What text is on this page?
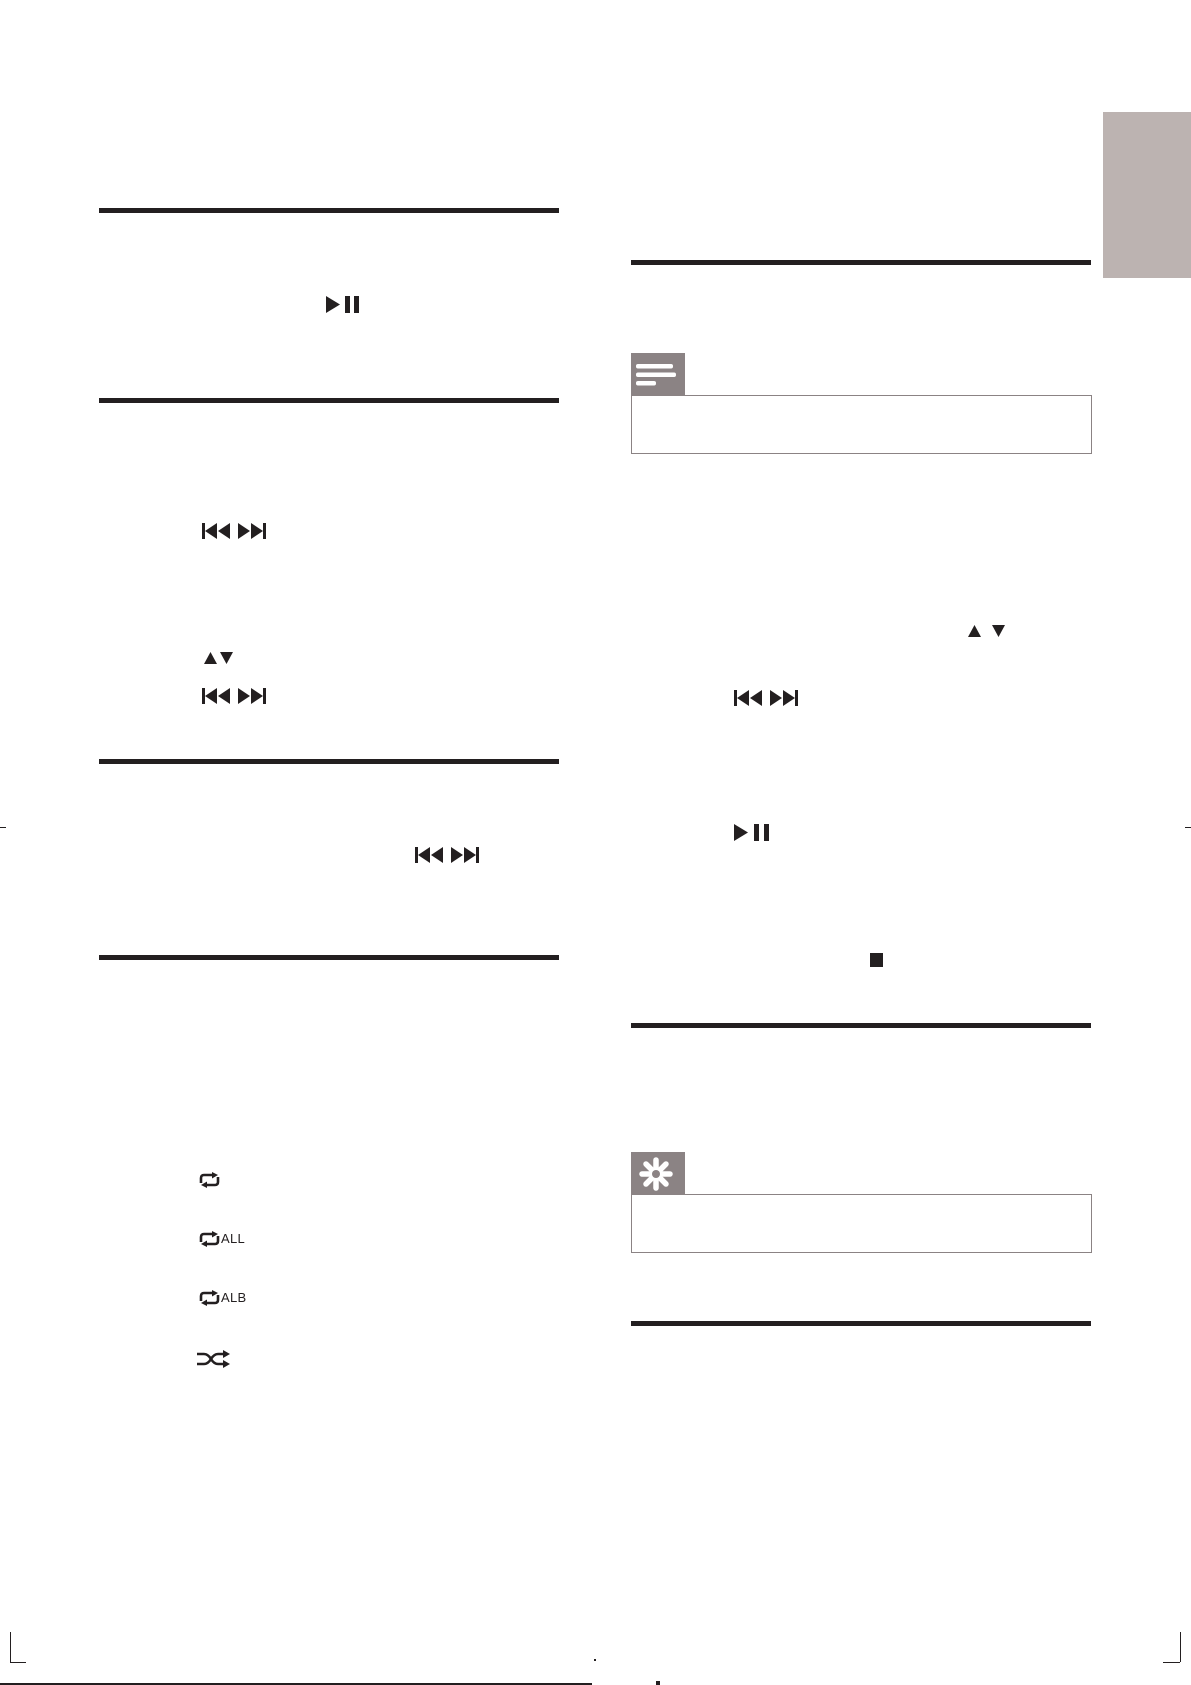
ALL
ALB
